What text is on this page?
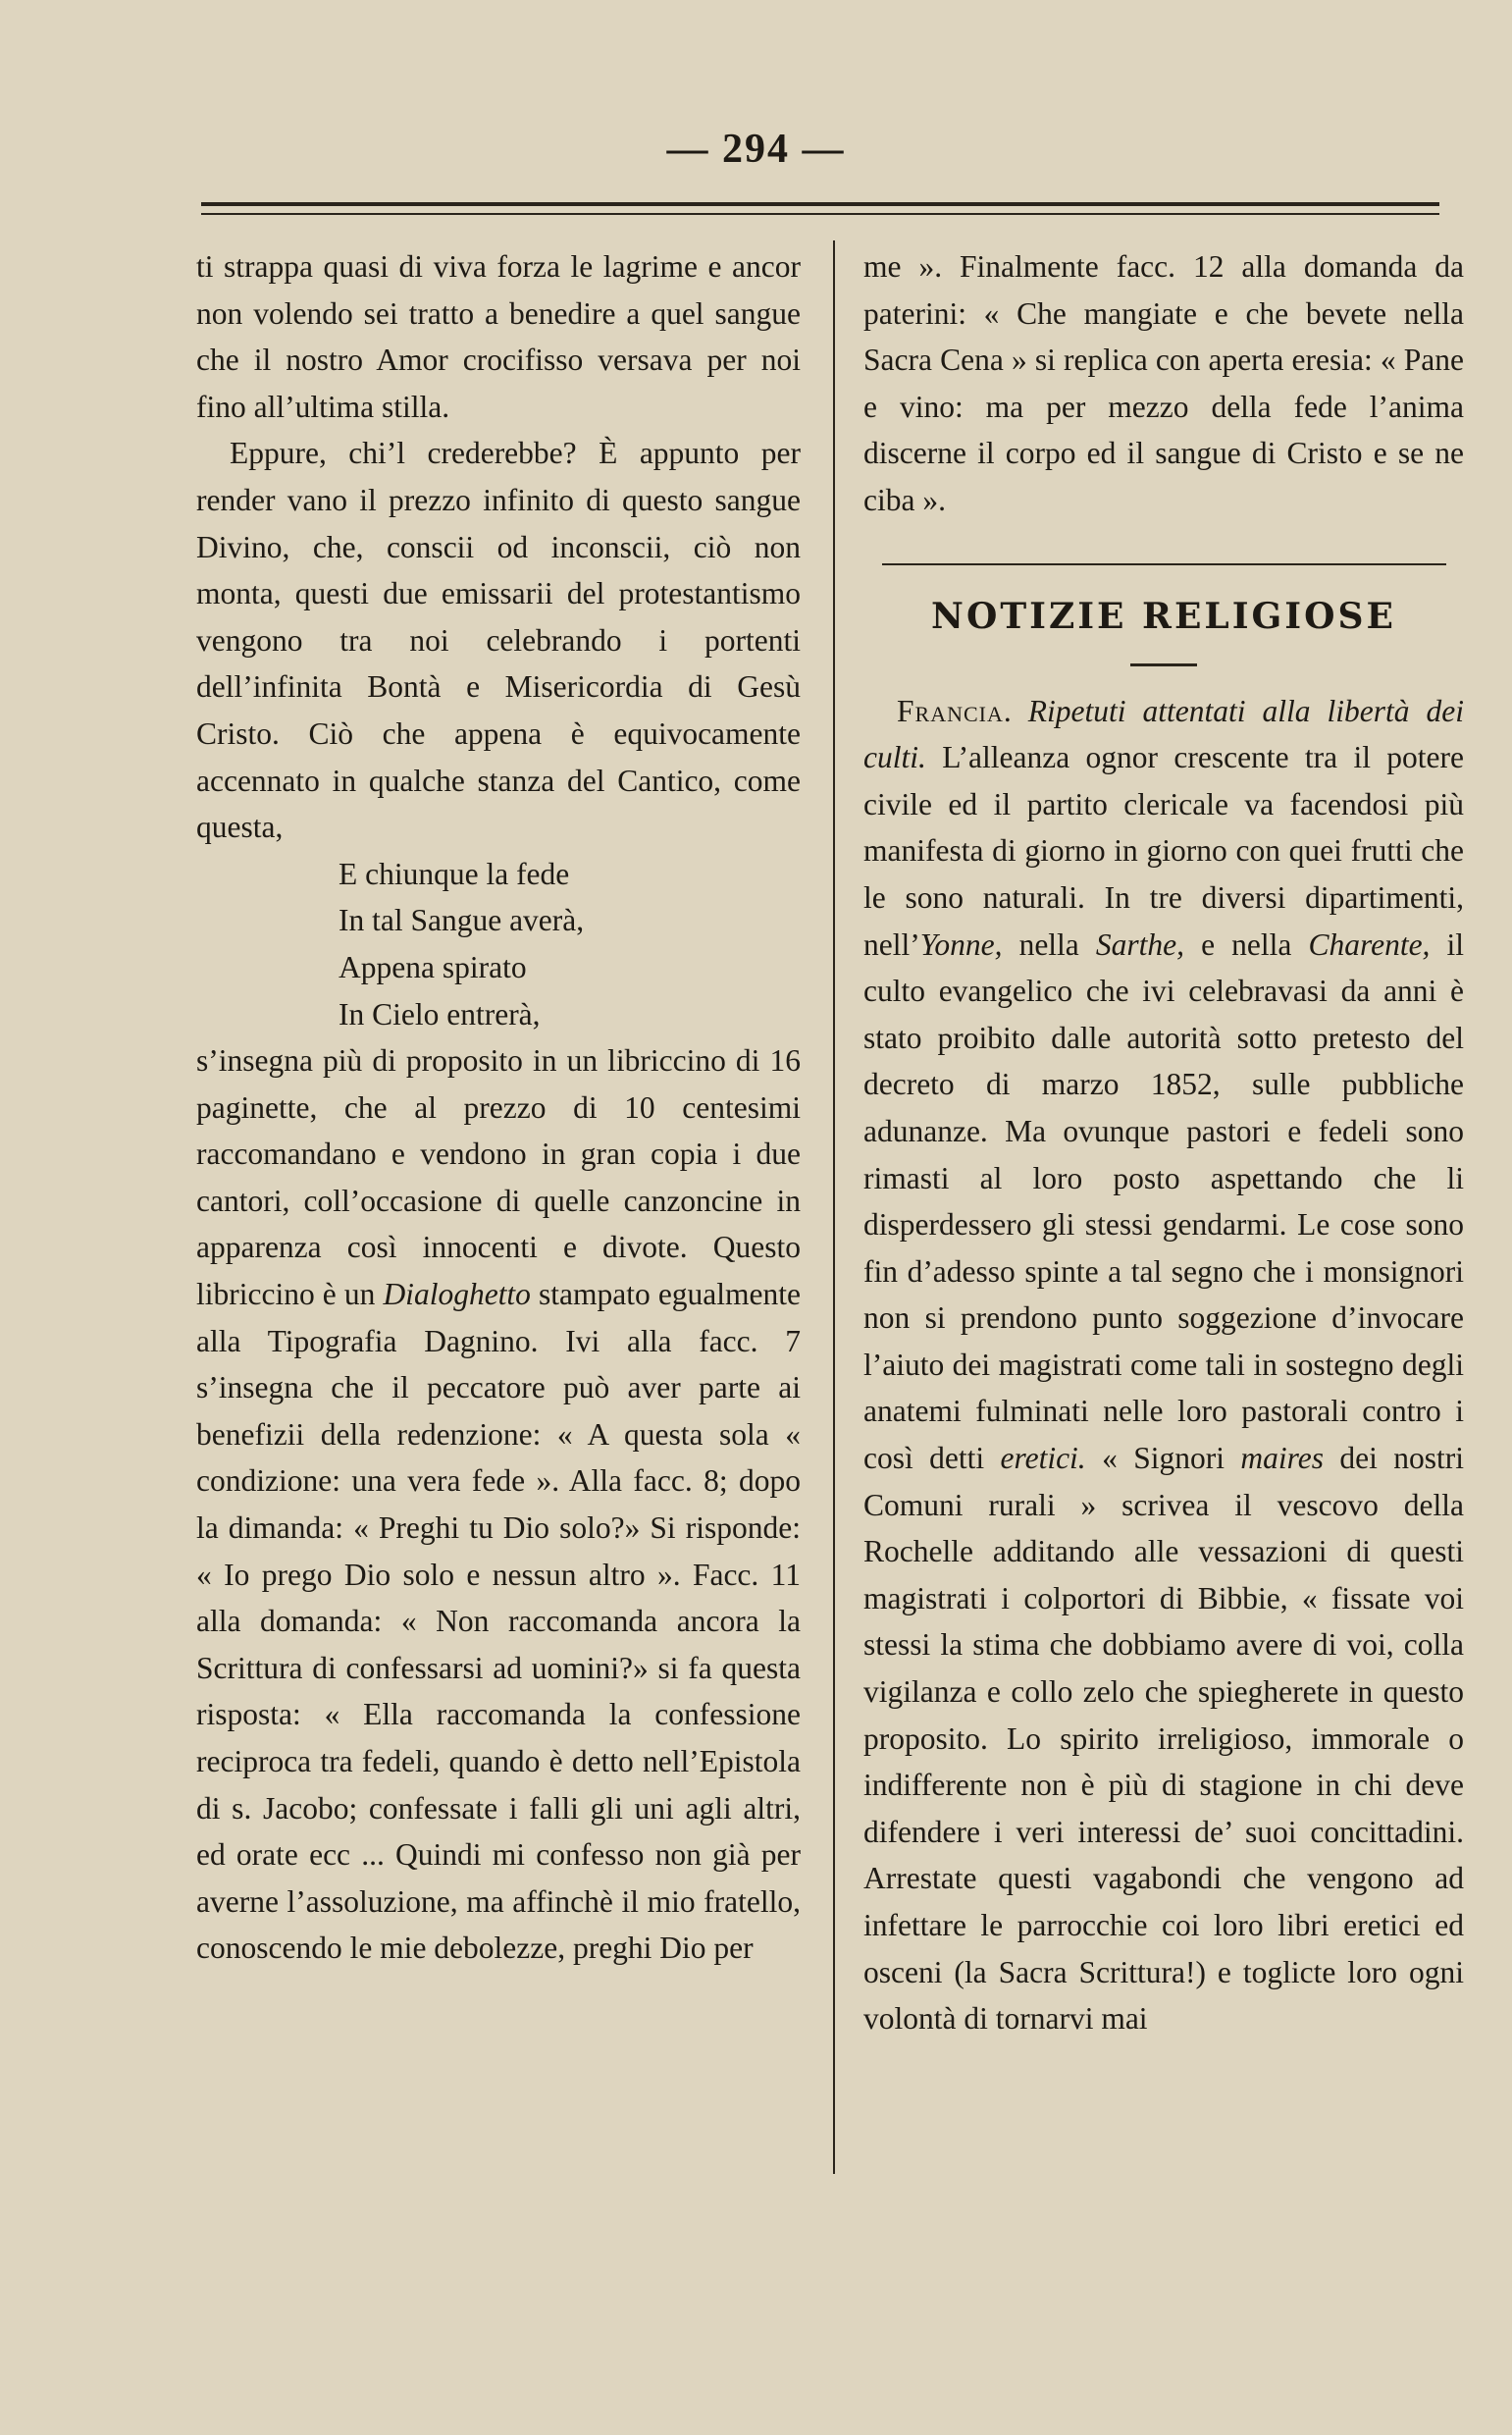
— 294 —

ti strappa quasi di viva forza le lagrime e ancor non volendo sei tratto a benedire a quel sangue che il nostro Amor crocifisso versava per noi fino all’ultima stilla.

Eppure, chi’l crederebbe? È appunto per render vano il prezzo infinito di questo sangue Divino, che, conscii od inconscii, ciò non monta, questi due emissarii del protestantismo vengono tra noi celebrando i portenti dell’infinita Bontà e Misericordia di Gesù Cristo. Ciò che appena è equivocamente accennato in qualche stanza del Cantico, come questa,

E chiunque la fede

In tal Sangue averà,

Appena spirato

In Cielo entrerà,

s’insegna più di proposito in un libriccino di 16 paginette, che al prezzo di 10 centesimi raccomandano e vendono in gran copia i due cantori, coll’occasione di quelle canzoncine in apparenza così innocenti e divote. Questo libriccino è un Dialoghetto stampato egualmente alla Tipografia Dagnino. Ivi alla facc. 7 s’insegna che il peccatore può aver parte ai benefizii della redenzione: « A questa sola « condizione: una vera fede ». Alla facc. 8; dopo la dimanda: « Preghi tu Dio solo?» Si risponde: « Io prego Dio solo e nessun altro ». Facc. 11 alla domanda: « Non raccomanda ancora la Scrittura di confessarsi ad uomini?» si fa questa risposta: « Ella raccomanda la confessione reciproca tra fedeli, quando è detto nell’Epistola di s. Jacobo; confessate i falli gli uni agli altri, ed orate ecc ... Quindi mi confesso non già per averne l’assoluzione, ma affinchè il mio fratello, conoscendo le mie debolezze, preghi Dio per

me ». Finalmente facc. 12 alla domanda da paterini: « Che mangiate e che bevete nella Sacra Cena » si replica con aperta eresia: « Pane e vino: ma per mezzo della fede l’anima discerne il corpo ed il sangue di Cristo e se ne ciba ».

NOTIZIE RELIGIOSE

Francia. Ripetuti attentati alla libertà dei culti. L’alleanza ognor crescente tra il potere civile ed il partito clericale va facendosi più manifesta di giorno in giorno con quei frutti che le sono naturali. In tre diversi dipartimenti, nell’Yonne, nella Sarthe, e nella Charente, il culto evangelico che ivi celebravasi da anni è stato proibito dalle autorità sotto pretesto del decreto di marzo 1852, sulle pubbliche adunanze. Ma ovunque pastori e fedeli sono rimasti al loro posto aspettando che li disperdessero gli stessi gendarmi. Le cose sono fin d’adesso spinte a tal segno che i monsignori non si prendono punto soggezione d’invocare l’aiuto dei magistrati come tali in sostegno degli anatemi fulminati nelle loro pastorali contro i così detti eretici. « Signori maires dei nostri Comuni rurali » scrivea il vescovo della Rochelle additando alle vessazioni di questi magistrati i colportori di Bibbie, « fissate voi stessi la stima che dobbiamo avere di voi, colla vigilanza e collo zelo che spiegherete in questo proposito. Lo spirito irreligioso, immorale o indifferente non è più di stagione in chi deve difendere i veri interessi de’ suoi concittadini. Arrestate questi vagabondi che vengono ad infettare le parrocchie coi loro libri eretici ed osceni (la Sacra Scrittura!) e toglicte loro ogni volontà di tornarvi mai
